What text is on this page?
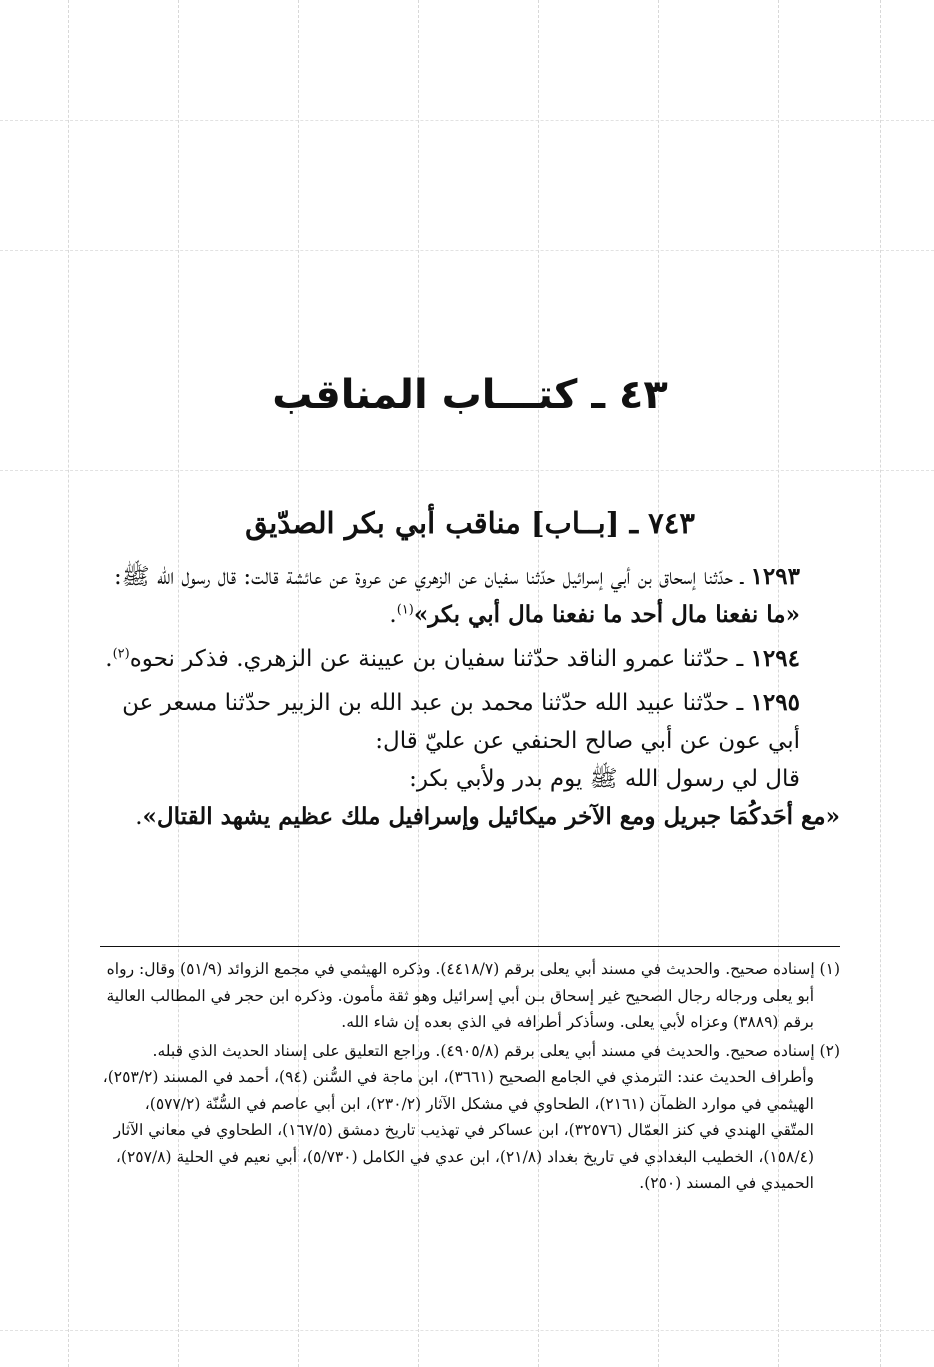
٤٣ ـ كتـــاب المناقب
٧٤٣ ـ [بــاب] مناقب أبي بكر الصدّيق

١٢٩٣ ـ حدّثنا إسحاق بن أبي إسرائيل حدّثنا سفيان عن الزهري عن عروة عن عائشة قالت: قال رسول الله ﷺ:

«ما نفعنا مال أحد ما نفعنا مال أبي بكر»$^{(١)}$.

١٢٩٤ ـ حدّثنا عمرو الناقد حدّثنا سفيان بن عيينة عن الزهري. فذكر نحوه$^{(٢)}$.

١٢٩٥ ـ حدّثنا عبيد الله حدّثنا محمد بن عبد الله بن الزبير حدّثنا مسعر عن أبي عون عن أبي صالح الحنفي عن عليّ قال:

قال لي رسول الله ﷺ يوم بدر ولأبي بكر:

«مع أحَدكُمَا جبريل ومع الآخر ميكائيل وإسرافيل ملك عظيم يشهد القتال».

(١) إسناده صحيح. والحديث في مسند أبي يعلى برقم (٤٤١٨/٧). وذكره الهيثمي في مجمع الزوائد (٥١/٩) وقال: رواه أبو يعلى ورجاله رجال الصحيح غير إسحاق بـن أبي إسرائيل وهو ثقة مأمون. وذكره ابن حجر في المطالب العالية برقم (٣٨٨٩) وعزاه لأبي يعلى. وسأذكر أطرافه في الذي بعده إن شاء الله.

(٢) إسناده صحيح. والحديث في مسند أبي يعلى برقم (٤٩٠٥/٨). وراجع التعليق على إسناد الحديث الذي قبله. وأطراف الحديث عند: الترمذي في الجامع الصحيح (٣٦٦١)، ابن ماجة في السُّنن (٩٤)، أحمد في المسند (٢٥٣/٢)، الهيثمي في موارد الظمآن (٢١٦١)، الطحاوي في مشكل الآثار (٢٣٠/٢)، ابن أبي عاصم في السُّنّة (٥٧٧/٢)، المتّقي الهندي في كنز العمّال (٣٢٥٧٦)، ابن عساكر في تهذيب تاريخ دمشق (١٦٧/٥)، الطحاوي في معاني الآثار (١٥٨/٤)، الخطيب البغدادي في تاريخ بغداد (٢١/٨)، ابن عدي في الكامل (٥/٧٣٠)، أبي نعيم في الحلية (٢٥٧/٨)، الحميدي في المسند (٢٥٠).
